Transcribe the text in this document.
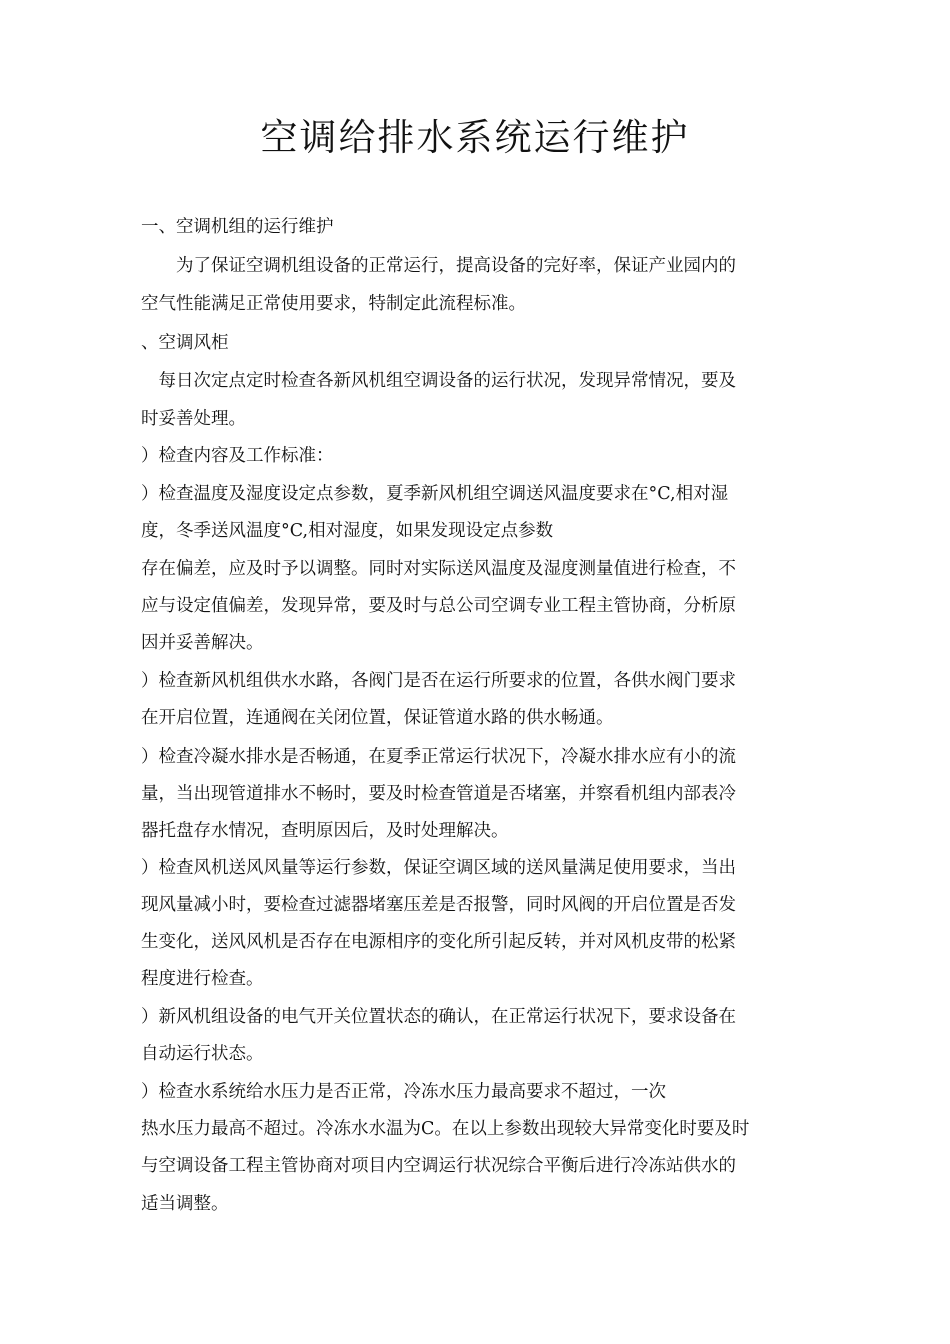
空调给排水系统运行维护
一、空调机组的运行维护
　　为了保证空调机组设备的正常运行，提高设备的完好率，保证产业园内的
空气性能满足正常使用要求，特制定此流程标准。
、空调风柜
　每日次定点定时检查各新风机组空调设备的运行状况，发现异常情况，要及
时妥善处理。
）检查内容及工作标准：
）检查温度及湿度设定点参数，夏季新风机组空调送风温度要求在°C,相对湿
度，冬季送风温度°C,相对湿度，如果发现设定点参数
存在偏差，应及时予以调整。同时对实际送风温度及湿度测量值进行检查，不
应与设定值偏差，发现异常，要及时与总公司空调专业工程主管协商，分析原
因并妥善解决。
）检查新风机组供水水路，各阀门是否在运行所要求的位置，各供水阀门要求
在开启位置，连通阀在关闭位置，保证管道水路的供水畅通。
）检查冷凝水排水是否畅通，在夏季正常运行状况下，冷凝水排水应有小的流
量，当出现管道排水不畅时，要及时检查管道是否堵塞，并察看机组内部表冷
器托盘存水情况，查明原因后，及时处理解决。
）检查风机送风风量等运行参数，保证空调区域的送风量满足使用要求，当出
现风量减小时，要检查过滤器堵塞压差是否报警，同时风阀的开启位置是否发
生变化，送风风机是否存在电源相序的变化所引起反转，并对风机皮带的松紧
程度进行检查。
）新风机组设备的电气开关位置状态的确认，在正常运行状况下，要求设备在
自动运行状态。
）检查水系统给水压力是否正常，冷冻水压力最高要求不超过，一次
热水压力最高不超过。冷冻水水温为C。在以上参数出现较大异常变化时要及时
与空调设备工程主管协商对项目内空调运行状况综合平衡后进行冷冻站供水的
适当调整。
